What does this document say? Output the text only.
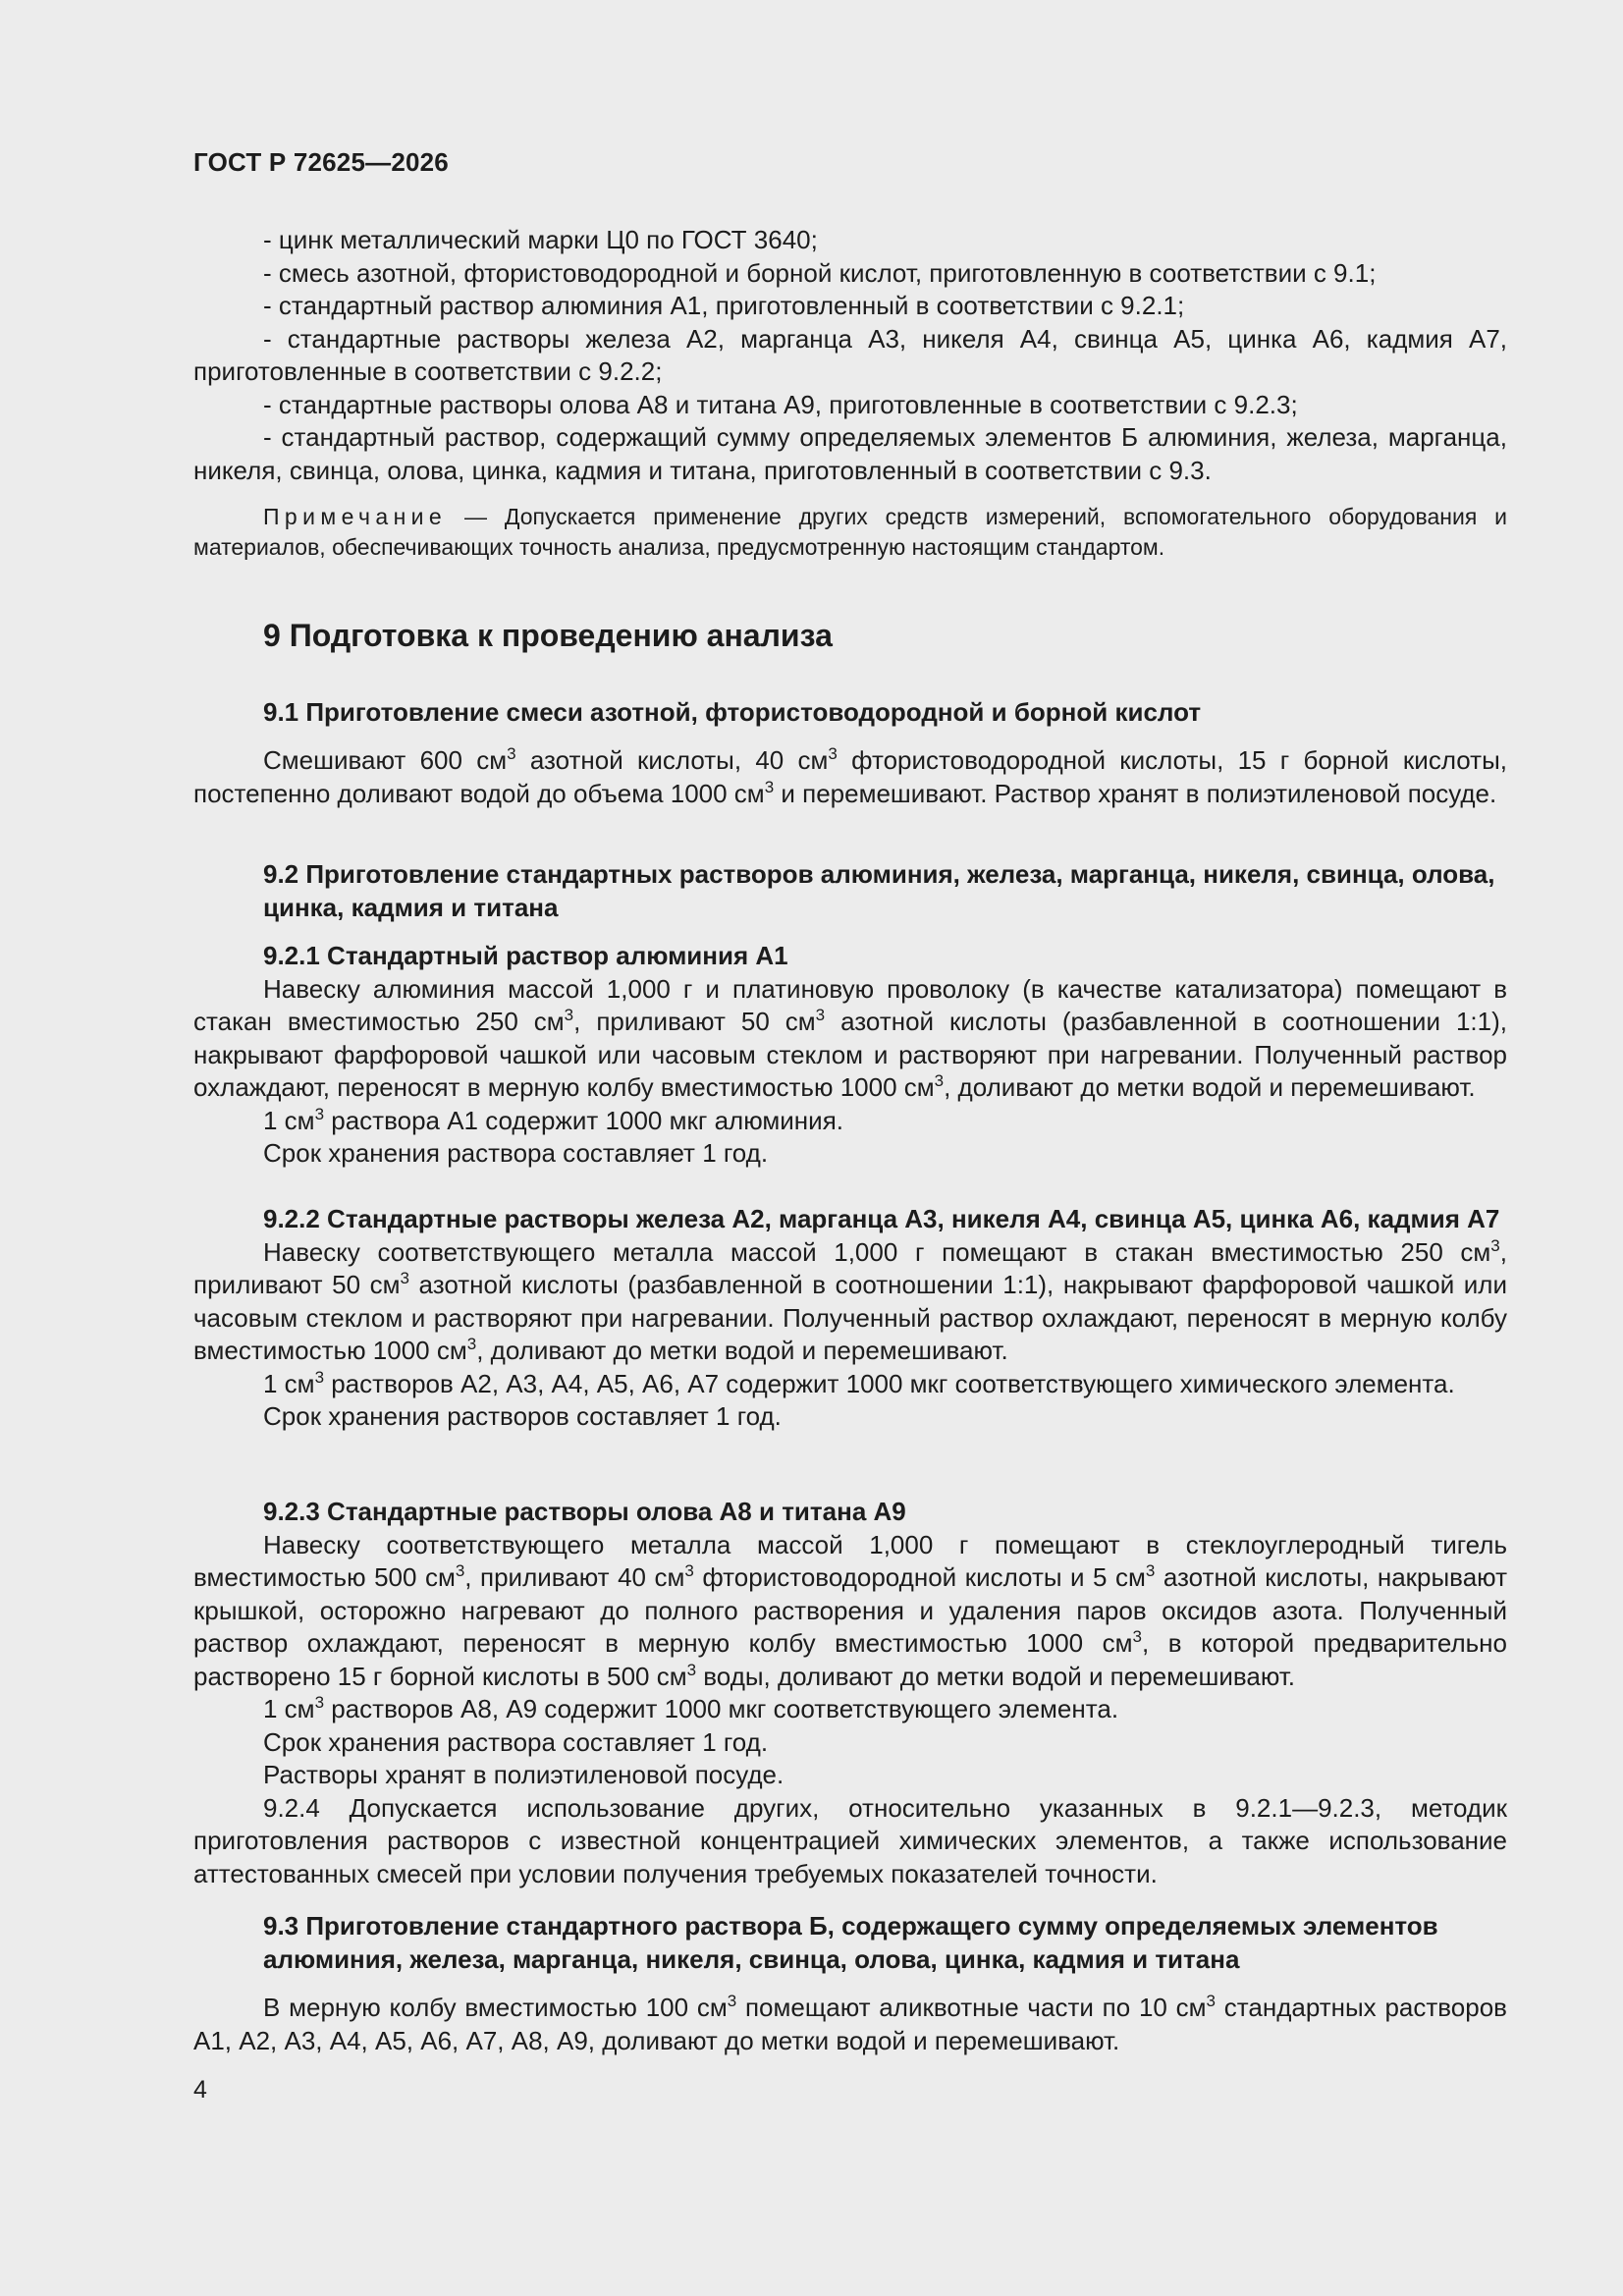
ГОСТ Р 72625—2026

- цинк металлический марки Ц0 по ГОСТ 3640;

- смесь азотной, фтористоводородной и борной кислот, приготовленную в соответствии с 9.1;

- стандартный раствор алюминия А1, приготовленный в соответствии с 9.2.1;

- стандартные растворы железа А2, марганца А3, никеля А4, свинца А5, цинка А6, кадмия А7, приготовленные в соответствии с 9.2.2;

- стандартные растворы олова А8 и титана А9, приготовленные в соответствии с 9.2.3;

- стандартный раствор, содержащий сумму определяемых элементов Б алюминия, железа, марганца, никеля, свинца, олова, цинка, кадмия и титана, приготовленный в соответствии с 9.3.

Примечание — Допускается применение других средств измерений, вспомогательного оборудования и материалов, обеспечивающих точность анализа, предусмотренную настоящим стандартом.

9 Подготовка к проведению анализа

9.1 Приготовление смеси азотной, фтористоводородной и борной кислот

Смешивают 600 $см^3$ азотной кислоты, 40 $см^3$ фтористоводородной кислоты, 15 г борной кислоты, постепенно доливают водой до объема 1000 $см^3$ и перемешивают. Раствор хранят в полиэтиленовой посуде.

9.2 Приготовление стандартных растворов алюминия, железа, марганца, никеля, свинца, олова, цинка, кадмия и титана

9.2.1 Стандартный раствор алюминия А1

Навеску алюминия массой 1,000 г и платиновую проволоку (в качестве катализатора) помещают в стакан вместимостью 250 $см^3$, приливают 50 $см^3$ азотной кислоты (разбавленной в соотношении 1:1), накрывают фарфоровой чашкой или часовым стеклом и растворяют при нагревании. Полученный раствор охлаждают, переносят в мерную колбу вместимостью 1000 $см^3$, доливают до метки водой и перемешивают.

1 $см^3$ раствора А1 содержит 1000 мкг алюминия.

Срок хранения раствора составляет 1 год.

9.2.2 Стандартные растворы железа А2, марганца А3, никеля А4, свинца А5, цинка А6, кадмия А7

Навеску соответствующего металла массой 1,000 г помещают в стакан вместимостью 250 $см^3$, приливают 50 $см^3$ азотной кислоты (разбавленной в соотношении 1:1), накрывают фарфоровой чашкой или часовым стеклом и растворяют при нагревании. Полученный раствор охлаждают, переносят в мерную колбу вместимостью 1000 $см^3$, доливают до метки водой и перемешивают.

1 $см^3$ растворов А2, А3, А4, А5, А6, А7 содержит 1000 мкг соответствующего химического элемента.

Срок хранения растворов составляет 1 год.

9.2.3 Стандартные растворы олова А8 и титана А9

Навеску соответствующего металла массой 1,000 г помещают в стеклоуглеродный тигель вместимостью 500 $см^3$, приливают 40 $см^3$ фтористоводородной кислоты и 5 $см^3$ азотной кислоты, накрывают крышкой, осторожно нагревают до полного растворения и удаления паров оксидов азота. Полученный раствор охлаждают, переносят в мерную колбу вместимостью 1000 $см^3$, в которой предварительно растворено 15 г борной кислоты в 500 $см^3$ воды, доливают до метки водой и перемешивают.

1 $см^3$ растворов А8, А9 содержит 1000 мкг соответствующего элемента.

Срок хранения раствора составляет 1 год.

Растворы хранят в полиэтиленовой посуде.

9.2.4 Допускается использование других, относительно указанных в 9.2.1—9.2.3, методик приготовления растворов с известной концентрацией химических элементов, а также использование аттестованных смесей при условии получения требуемых показателей точности.

9.3 Приготовление стандартного раствора Б, содержащего сумму определяемых элементов алюминия, железа, марганца, никеля, свинца, олова, цинка, кадмия и титана

В мерную колбу вместимостью 100 $см^3$ помещают аликвотные части по 10 $см^3$ стандартных растворов А1, А2, А3, А4, А5, А6, А7, А8, А9, доливают до метки водой и перемешивают.

4
